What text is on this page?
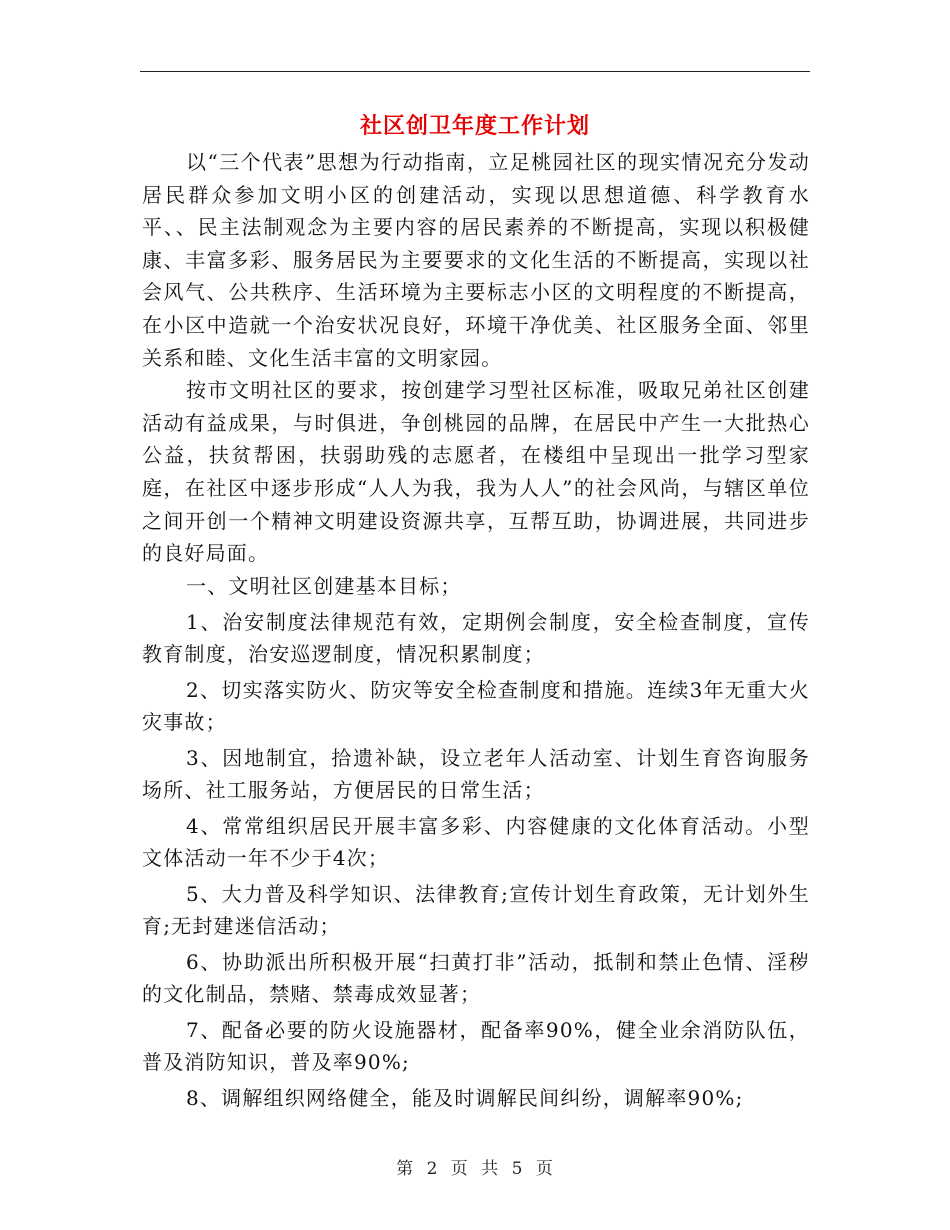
社区创卫年度工作计划

以“三个代表”思想为行动指南，立足桃园社区的现实情况充分发动居民群众参加文明小区的创建活动，实现以思想道德、科学教育水平、、民主法制观念为主要内容的居民素养的不断提高，实现以积极健康、丰富多彩、服务居民为主要要求的文化生活的不断提高，实现以社会风气、公共秩序、生活环境为主要标志小区的文明程度的不断提高，在小区中造就一个治安状况良好，环境干净优美、社区服务全面、邻里关系和睦、文化生活丰富的文明家园。

按市文明社区的要求，按创建学习型社区标准，吸取兄弟社区创建活动有益成果，与时俱进，争创桃园的品牌，在居民中产生一大批热心公益，扶贫帮困，扶弱助残的志愿者，在楼组中呈现出一批学习型家庭，在社区中逐步形成“人人为我，我为人人”的社会风尚，与辖区单位之间开创一个精神文明建设资源共享，互帮互助，协调进展，共同进步的良好局面。

一、文明社区创建基本目标；

1、治安制度法律规范有效，定期例会制度，安全检查制度，宣传教育制度，治安巡逻制度，情况积累制度；

2、切实落实防火、防灾等安全检查制度和措施。连续3年无重大火灾事故；

3、因地制宜，拾遗补缺，设立老年人活动室、计划生育咨询服务场所、社工服务站，方便居民的日常生活；

4、常常组织居民开展丰富多彩、内容健康的文化体育活动。小型文体活动一年不少于4次；

5、大力普及科学知识、法律教育;宣传计划生育政策，无计划外生育;无封建迷信活动；

6、协助派出所积极开展“扫黄打非”活动，抵制和禁止色情、淫秽的文化制品，禁赌、禁毒成效显著；

7、配备必要的防火设施器材，配备率90%，健全业余消防队伍，普及消防知识，普及率90%;

8、调解组织网络健全，能及时调解民间纠纷，调解率90%;

第 2 页 共 5 页
